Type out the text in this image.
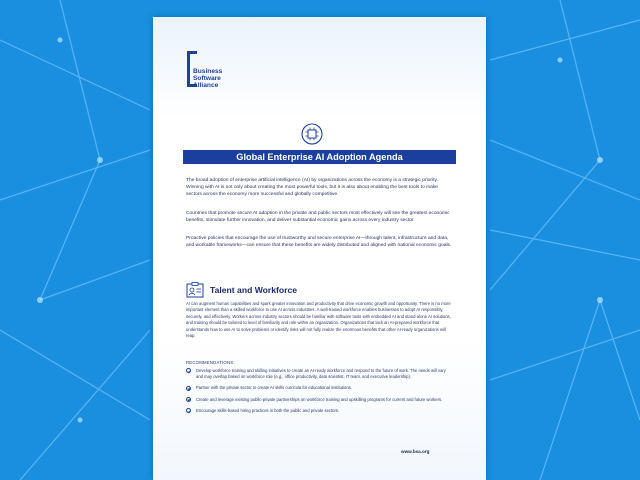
Business
Software
Alliance
Global Enterprise AI Adoption Agenda

The broad adoption of enterprise artificial intelligence (AI) by organizations across the economy is a strategic priority. Winning with AI is not only about creating the most powerful tools, but it is also about enabling the best tools to make sectors across the economy more successful and globally competitive.

Countries that promote secure AI adoption in the private and public sectors most effectively will see the greatest economic benefits, stimulate further innovation, and deliver substantial economic gains across every industry sector.

Proactive policies that encourage the use of trustworthy and secure enterprise AI—through talent, infrastructure and data, and workable frameworks—can ensure that these benefits are widely distributed and aligned with national economic goals.

Talent and Workforce

AI can augment human capabilities and spark greater innovation and productivity that drive economic growth and opportunity. There is no more important element than a skilled workforce to use AI across industries. A well-trained workforce enables businesses to adopt AI responsibly, securely, and effectively. Workers across industry sectors should be familiar with software tools with embedded AI and stand-alone AI solutions, and training should be tailored to level of familiarity and role within an organization. Organizations that lack an AI-prepared workforce that understands how to use AI to solve problems or identify risks will not fully realize the enormous benefits that other AI-ready organizations will reap.

RECOMMENDATIONS:
Develop workforce training and skilling initiatives to create an AI-ready workforce and respond to the future of work. The needs will vary and may overlap based on workforce role (e.g., office productivity, data scientist, IT team, and executive leadership).
Partner with the private sector to create AI skills curricula for educational institutions.
Create and leverage existing public-private partnerships on workforce training and upskilling programs for current and future workers.
Encourage skills-based hiring practices in both the public and private sectors.
www.bsa.org
